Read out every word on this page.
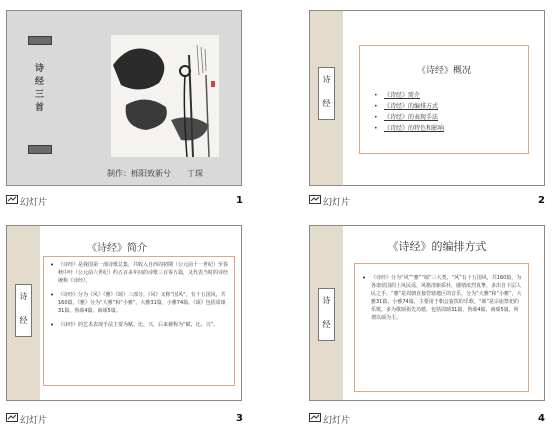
诗经三首
制作：栎阳致新兮　　丁琛
幻灯片	1
诗
经
《诗经》概况
• 《诗经》简介
• 《诗经》的编排方式
• 《诗经》的表现手法
• 《诗经》的特色和影响
幻灯片	2
诗
经
《诗经》简介

• 《诗经》是我国第一部诗歌总集，共收入自西周初期（公元前十一世纪）至春秋中叶（公元前六世纪）约五百多年间的诗歌三百零五篇，又代表当时的诗经统称《诗经》。

• 《诗经》分为《风》《雅》《颂》三部分。《风》又称“国风”，有十五国风，共160篇。《雅》分为“大雅”和“小雅”，大雅31篇，小雅74篇。《颂》包括周颂31篇、鲁颂4篇、商颂5篇。

• 《诗经》的艺术表现手法主要为赋、比、兴，后来被称为“赋、比、兴”。

幻灯片	3
诗
经
《诗经》的编排方式

• 《诗经》分为“风”“雅”“颂”三大类。“风”有十五国风，共160篇，为各诸侯国的土风民谣，风格清新质朴，感情浓烈真挚，多出自下层人民之手。“雅”是周朝直接管辖地区的音乐，分为“大雅”和“小雅”，大雅31篇，小雅74篇，主要用于朝会宴饮的乐歌。“颂”是宗庙祭祀的乐歌，多为歌颂祖先功德，包括周颂31篇、鲁颂4篇、商颂5篇，所谓以颂为主。

幻灯片	4
